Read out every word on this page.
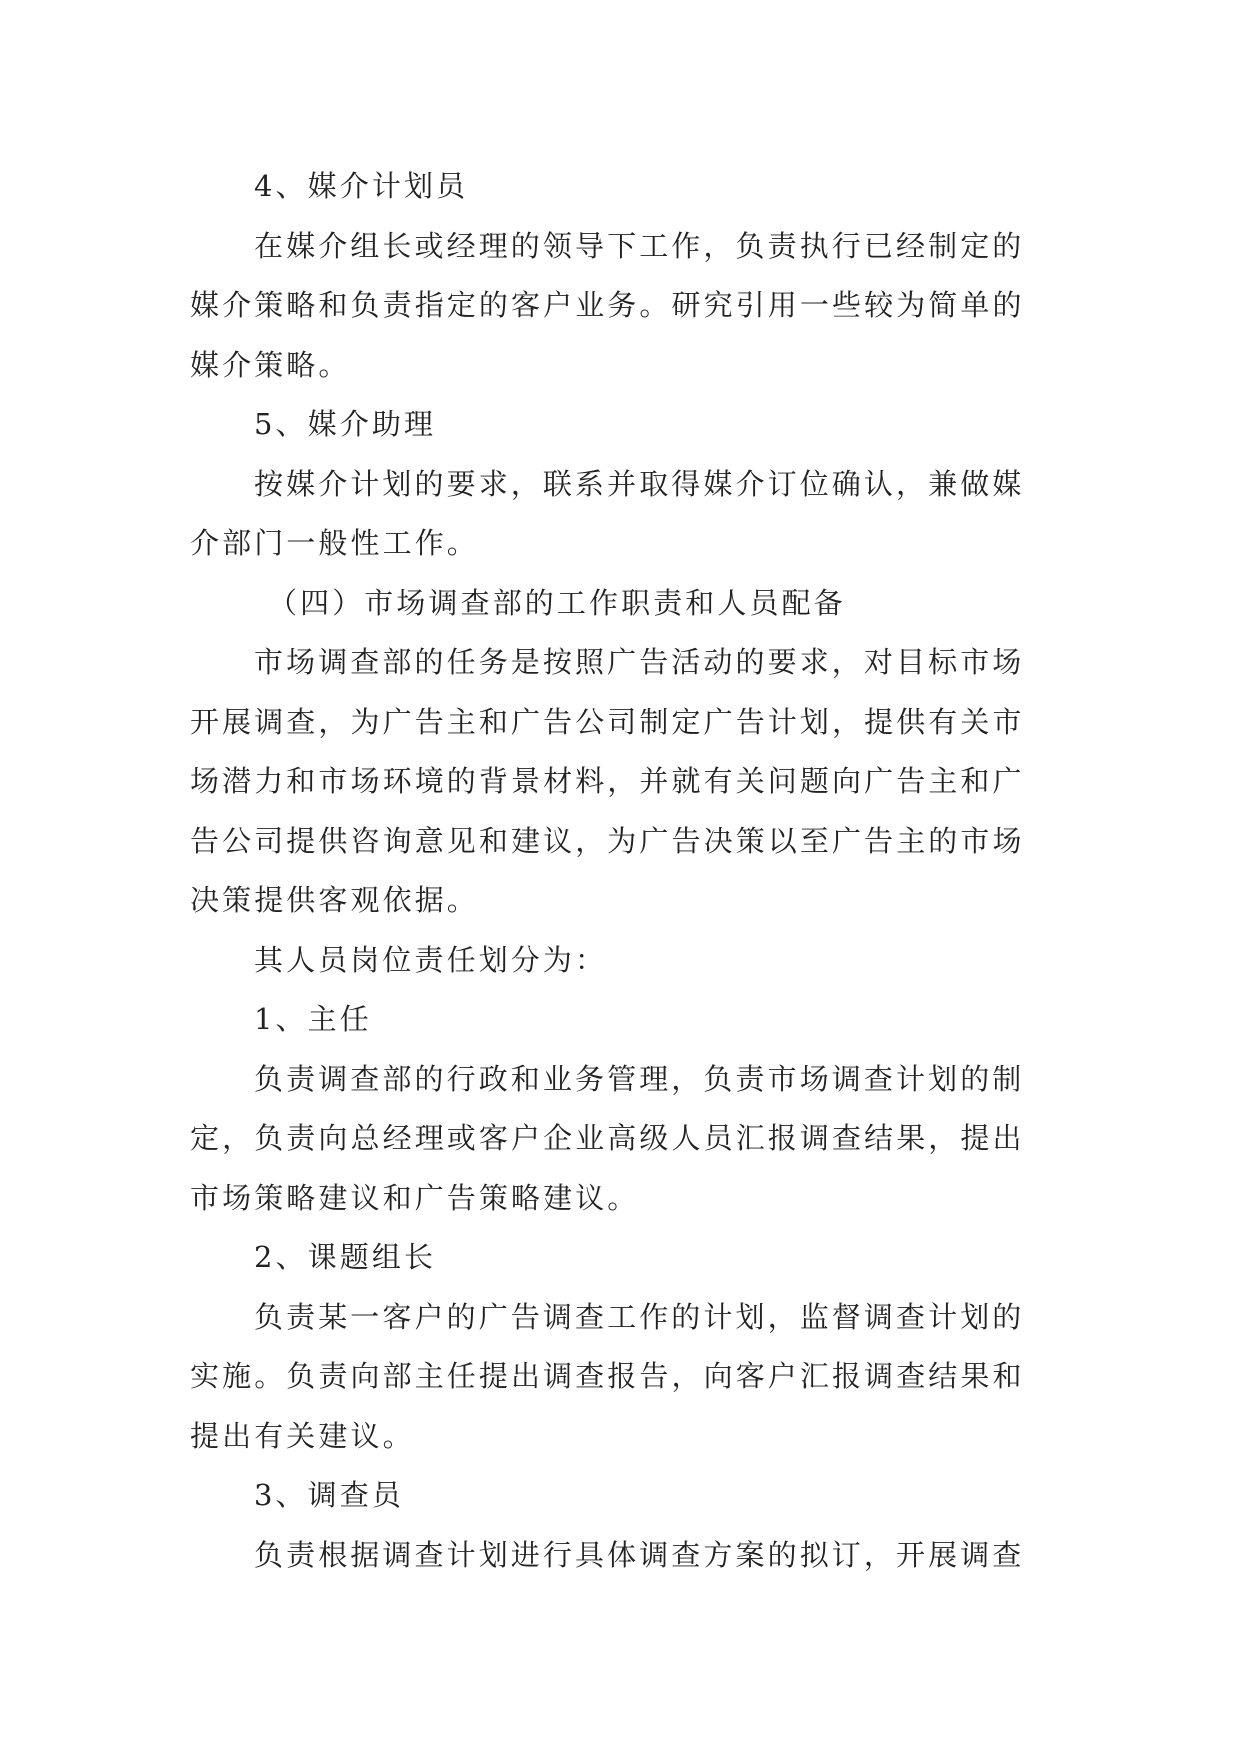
4、媒介计划员

在媒介组长或经理的领导下工作，负责执行已经制定的

媒介策略和负责指定的客户业务。研究引用一些较为简单的

媒介策略。

5、媒介助理

按媒介计划的要求，联系并取得媒介订位确认，兼做媒

介部门一般性工作。

（四）市场调查部的工作职责和人员配备

市场调查部的任务是按照广告活动的要求，对目标市场

开展调查，为广告主和广告公司制定广告计划，提供有关市

场潜力和市场环境的背景材料，并就有关问题向广告主和广

告公司提供咨询意见和建议，为广告决策以至广告主的市场

决策提供客观依据。

其人员岗位责任划分为：

1、主任

负责调查部的行政和业务管理，负责市场调查计划的制

定，负责向总经理或客户企业高级人员汇报调查结果，提出

市场策略建议和广告策略建议。

2、课题组长

负责某一客户的广告调查工作的计划，监督调查计划的

实施。负责向部主任提出调查报告，向客户汇报调查结果和

提出有关建议。

3、调查员

负责根据调查计划进行具体调查方案的拟订，开展调查
